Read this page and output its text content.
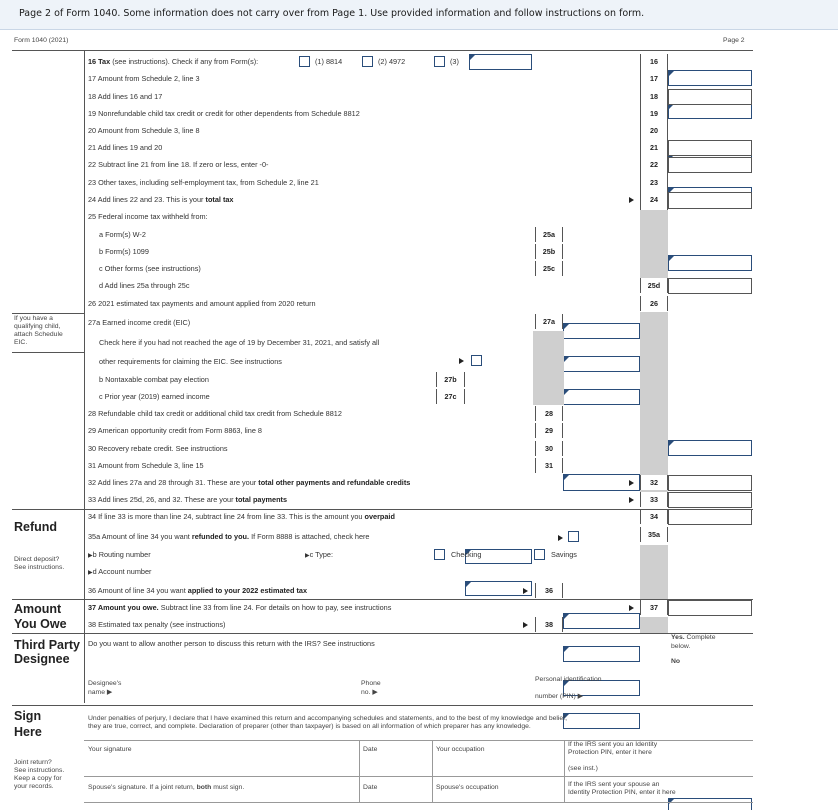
Page 2 of Form 1040. Some information does not carry over from Page 1. Use provided information and follow instructions on form.
Form 1040 (2021)	Page 2
16 Tax (see instructions). Check if any from Form(s):	(1) 8814	(2) 4972	(3)	16
17 Amount from Schedule 2, line 3	17
18 Add lines 16 and 17	18
19 Nonrefundable child tax credit or credit for other dependents from Schedule 8812	19
20 Amount from Schedule 3, line 8	20
21 Add lines 19 and 20	21
22 Subtract line 21 from line 18. If zero or less, enter -0-	22
23 Other taxes, including self-employment tax, from Schedule 2, line 21	23
24 Add lines 22 and 23. This is your total tax	24
25 Federal income tax withheld from:
a Form(s) W-2	25a
b Form(s) 1099	25b
c Other forms (see instructions)	25c
d Add lines 25a through 25c	25d
26 2021 estimated tax payments and amount applied from 2020 return	26
If you have a
qualifying child,
attach Schedule
EIC.
27a Earned income credit (EIC)	27a
Check here if you had not reached the age of 19 by December 31, 2021, and satisfy all
other requirements for claiming the EIC. See instructions
b Nontaxable combat pay election	27b
c Prior year (2019) earned income	27c
28 Refundable child tax credit or additional child tax credit from Schedule 8812	28
29 American opportunity credit from Form 8863, line 8	29
30 Recovery rebate credit. See instructions	30
31 Amount from Schedule 3, line 15	31
32 Add lines 27a and 28 through 31. These are your total other payments and refundable credits	32
33 Add lines 25d, 26, and 32. These are your total payments	33
Refund
34 If line 33 is more than line 24, subtract line 24 from line 33. This is the amount you overpaid	34
35a Amount of line 34 you want refunded to you. If Form 8888 is attached, check here	35a
Direct deposit?
See instructions.
▶b Routing number	▶c Type:	Checking	Savings
▶d Account number
36 Amount of line 34 you want applied to your 2022 estimated tax	36
Amount
You Owe
37 Amount you owe. Subtract line 33 from line 24. For details on how to pay, see instructions	37
38 Estimated tax penalty (see instructions)	38
Third Party
Designee
Do you want to allow another person to discuss this return with the IRS? See instructions
Yes. Complete
below.
No
Designee's
name ▶
Phone
no. ▶
Personal identification
number (PIN) ▶
Sign
Here
Under penalties of perjury, I declare that I have examined this return and accompanying schedules and statements, and to the best of my knowledge and belief,
they are true, correct, and complete. Declaration of preparer (other than taxpayer) is based on all information of which preparer has any knowledge.
Your signature	Date	Your occupation
If the IRS sent you an Identity
Protection PIN, enter it here
(see inst.)
Joint return?
See instructions.
Keep a copy for
your records.	Spouse's signature. If a joint return, both must sign.	Date	Spouse's occupation	If the IRS sent your spouse an
Identity Protection PIN, enter it here
